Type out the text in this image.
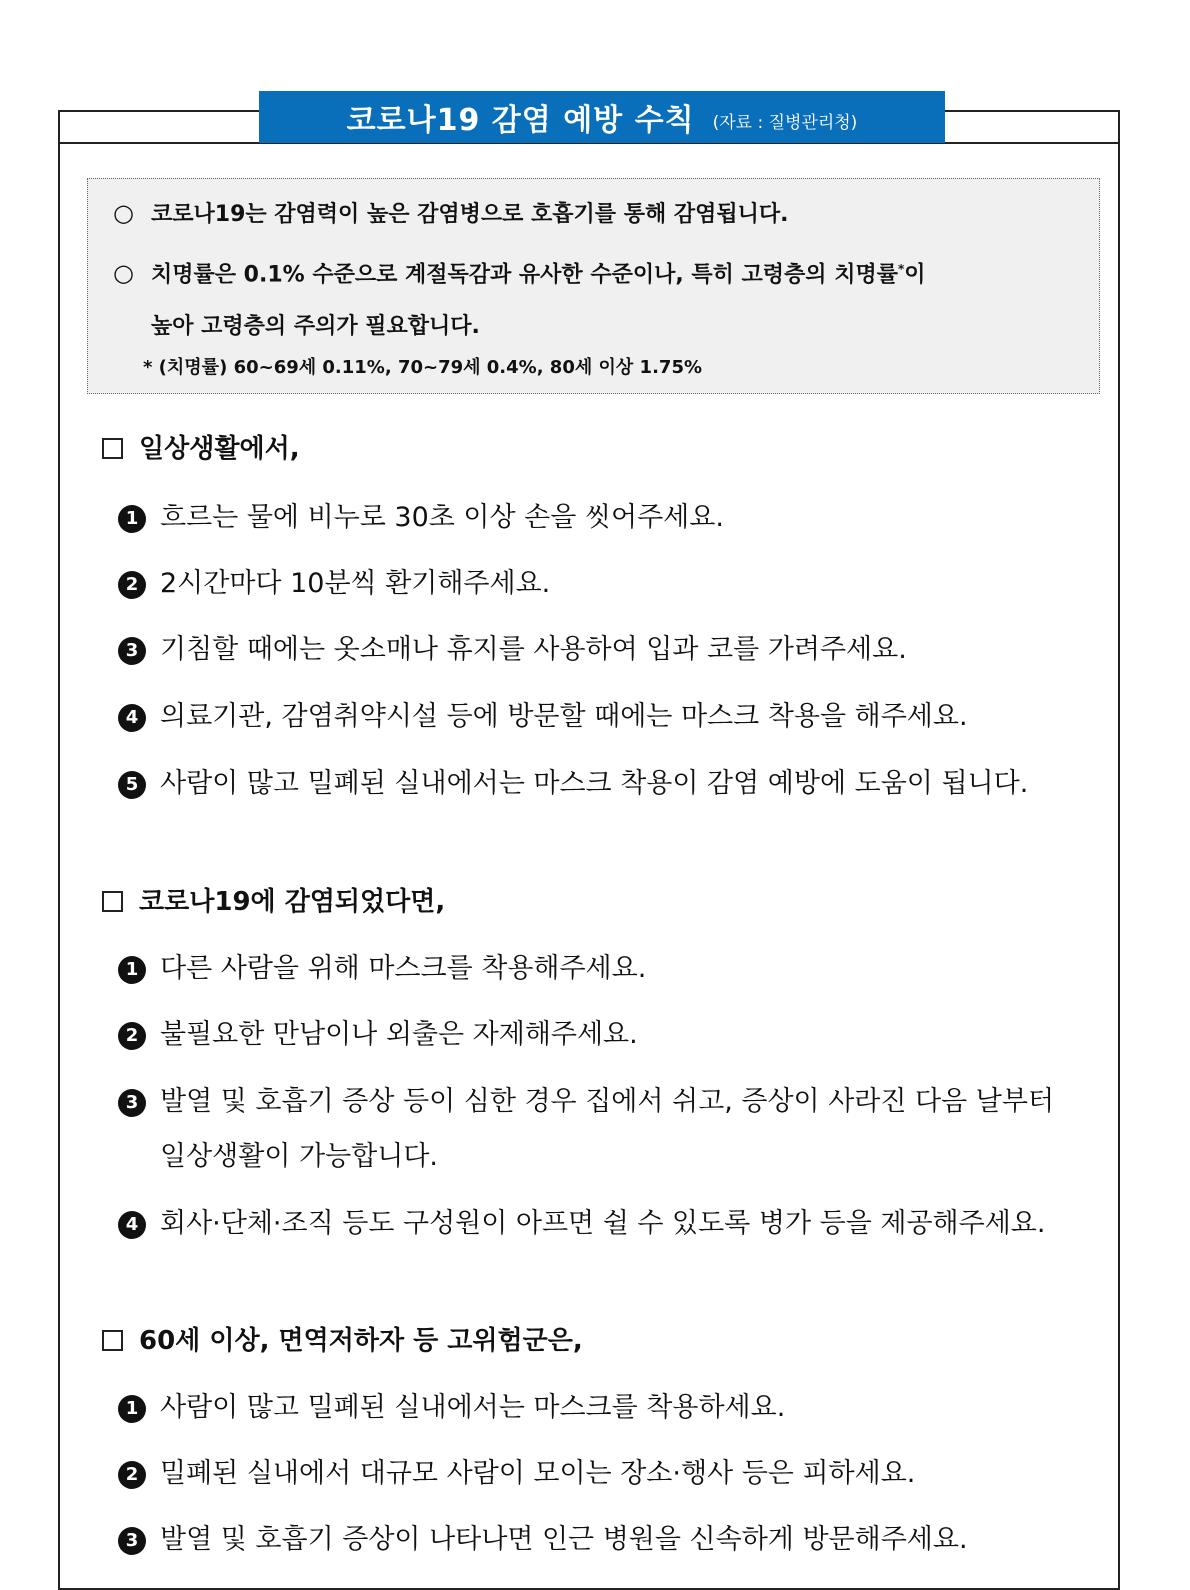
코로나19 감염 예방 수칙 (자료 : 질병관리청)
○ 코로나19는 감염력이 높은 감염병으로 호흡기를 통해 감염됩니다.
○ 치명률은 0.1% 수준으로 계절독감과 유사한 수준이나, 특히 고령층의 치명률*이
높아 고령층의 주의가 필요합니다.
* (치명률) 60~69세 0.11%, 70~79세 0.4%, 80세 이상 1.75%
일상생활에서,
1 흐르는 물에 비누로 30초 이상 손을 씻어주세요.
2 2시간마다 10분씩 환기해주세요.
3 기침할 때에는 옷소매나 휴지를 사용하여 입과 코를 가려주세요.
4 의료기관, 감염취약시설 등에 방문할 때에는 마스크 착용을 해주세요.
5 사람이 많고 밀폐된 실내에서는 마스크 착용이 감염 예방에 도움이 됩니다.
코로나19에 감염되었다면,
1 다른 사람을 위해 마스크를 착용해주세요.
2 불필요한 만남이나 외출은 자제해주세요.
3 발열 및 호흡기 증상 등이 심한 경우 집에서 쉬고, 증상이 사라진 다음 날부터
일상생활이 가능합니다.
4 회사·단체·조직 등도 구성원이 아프면 쉴 수 있도록 병가 등을 제공해주세요.
60세 이상, 면역저하자 등 고위험군은,
1 사람이 많고 밀폐된 실내에서는 마스크를 착용하세요.
2 밀폐된 실내에서 대규모 사람이 모이는 장소·행사 등은 피하세요.
3 발열 및 호흡기 증상이 나타나면 인근 병원을 신속하게 방문해주세요.
